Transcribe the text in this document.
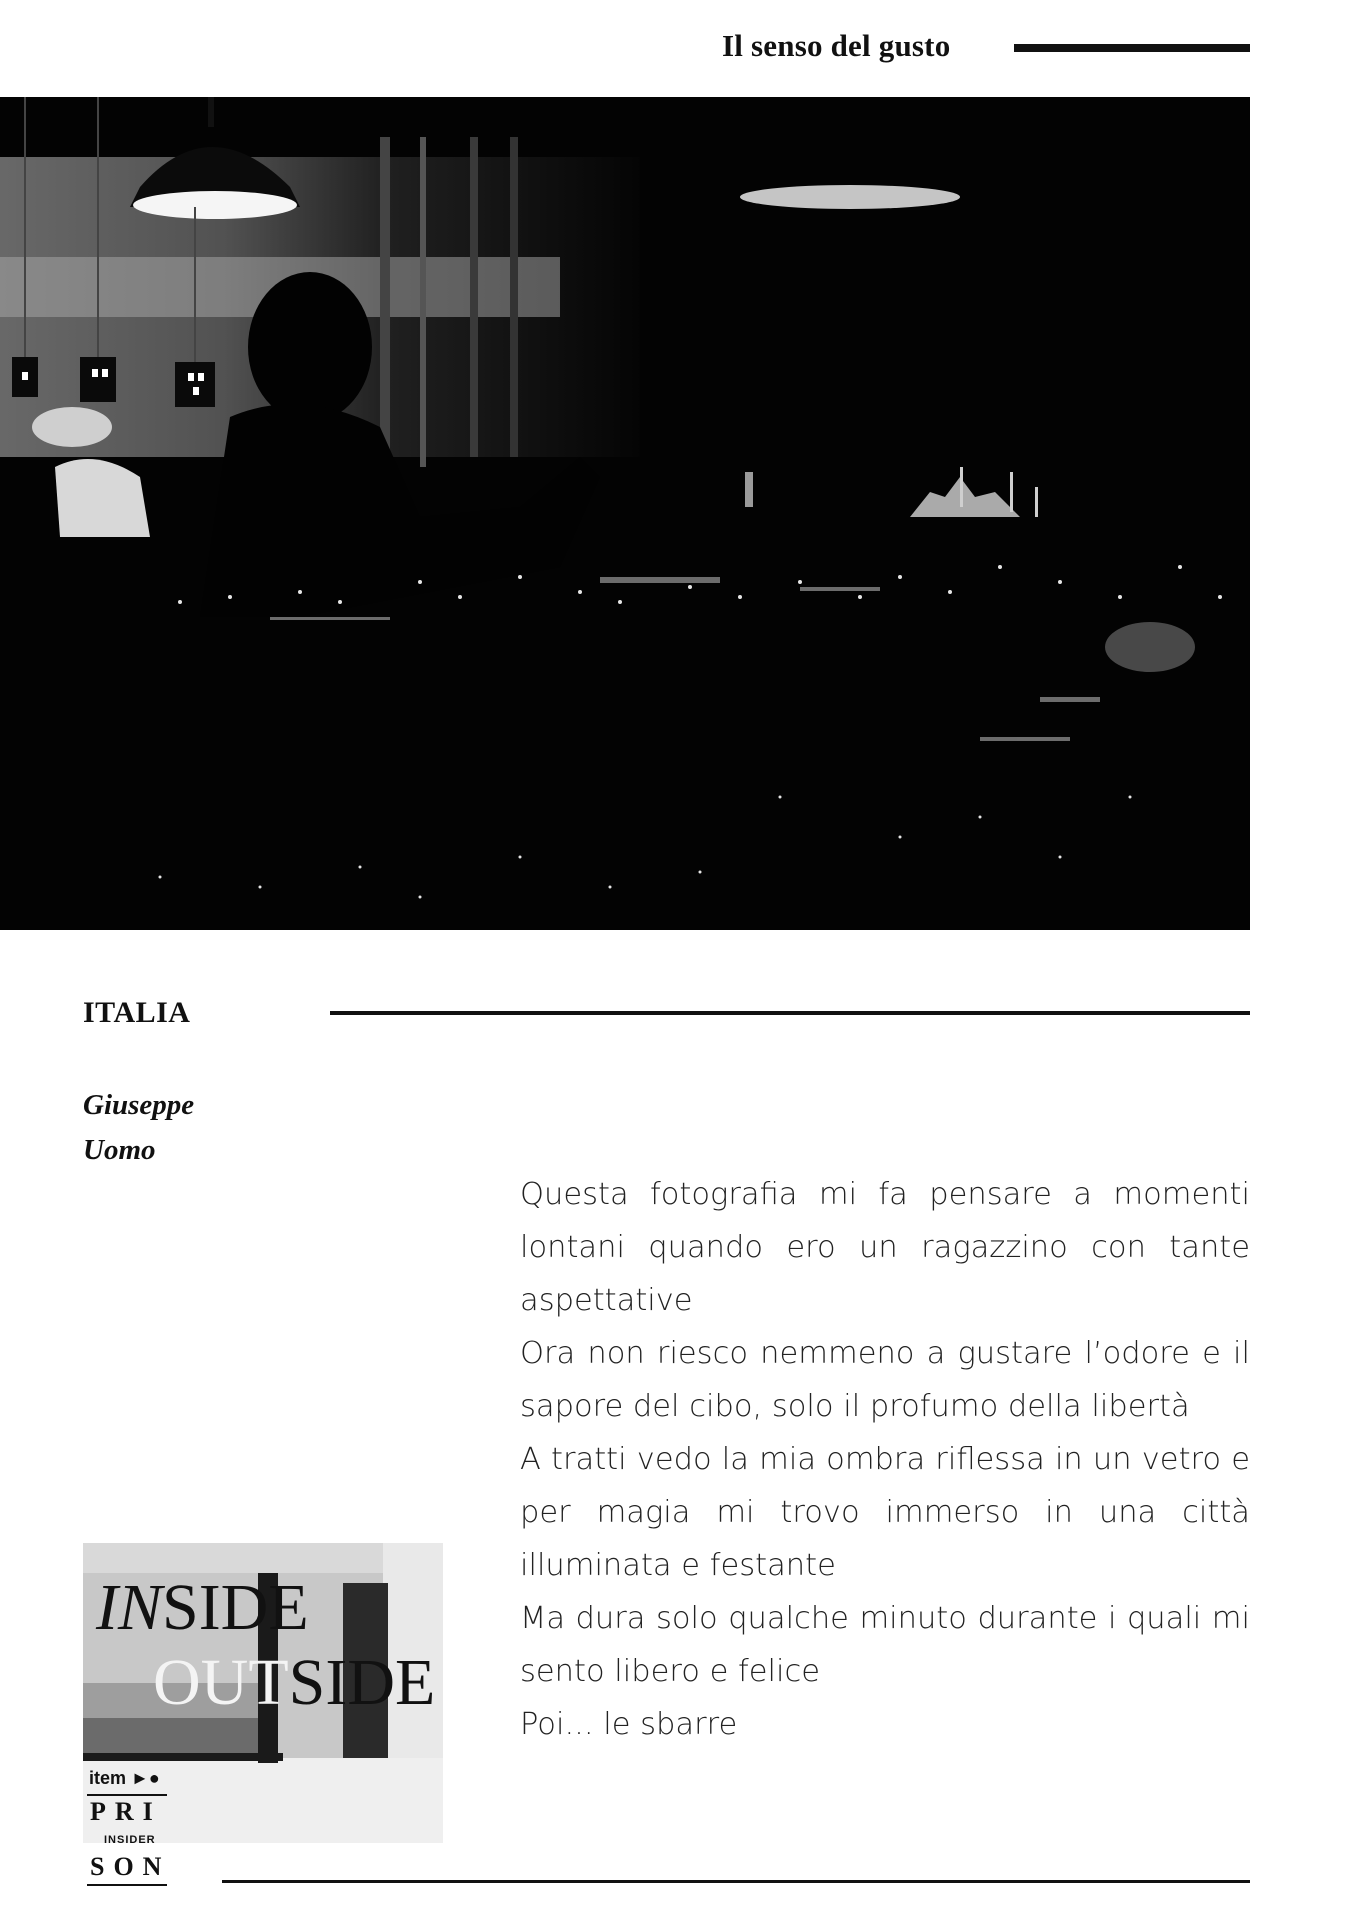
Il senso del gusto
ITALIA
Giuseppe
Uomo

Questa fotografia mi fa pensare a momenti lontani quando ero un ragazzino con tante aspettative

Ora non riesco nemmeno a gustare l’odore e il sapore del cibo, solo il profumo della libertà

A tratti vedo la mia ombra riflessa in un vetro e per magia mi trovo immerso in una città illuminata e festante

Ma dura solo qualche minuto durante i quali mi sento libero e felice

Poi... le sbarre

INSIDE
OUTSIDE
item ►●
PRI
INSIDER
SON
